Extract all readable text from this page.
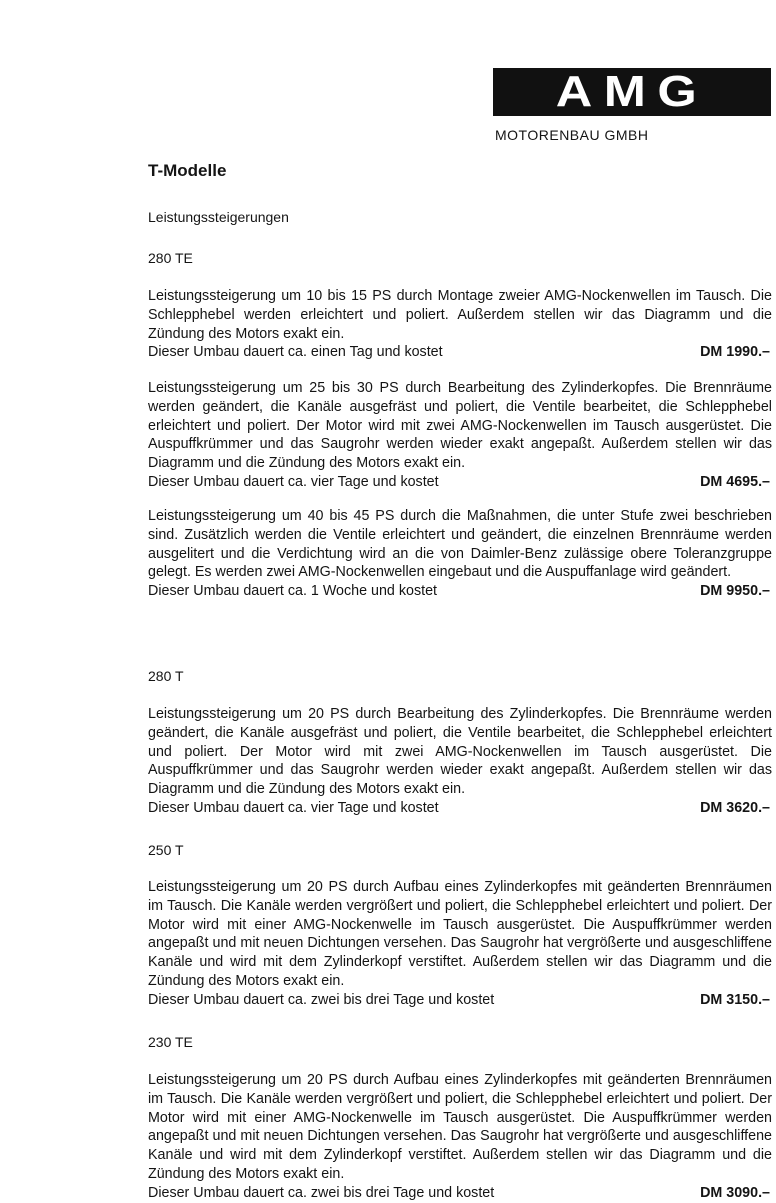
AMG
MOTORENBAU GMBH
T-Modelle
Leistungssteigerungen
280 TE

Leistungssteigerung um 10 bis 15 PS durch Montage zweier AMG-Nockenwellen im Tausch. Die Schlepphebel werden erleichtert und poliert. Außerdem stellen wir das Diagramm und die Zündung des Motors exakt ein.

Dieser Umbau dauert ca. einen Tag und kostet	DM 1990.–

Leistungssteigerung um 25 bis 30 PS durch Bearbeitung des Zylinderkopfes. Die Brennräume werden geändert, die Kanäle ausgefräst und poliert, die Ventile bearbeitet, die Schlepphebel erleichtert und poliert. Der Motor wird mit zwei AMG-Nockenwellen im Tausch ausgerüstet. Die Auspuffkrümmer und das Saugrohr werden wieder exakt angepaßt. Außerdem stellen wir das Diagramm und die Zündung des Motors exakt ein.

Dieser Umbau dauert ca. vier Tage und kostet	DM 4695.–

Leistungssteigerung um 40 bis 45 PS durch die Maßnahmen, die unter Stufe zwei beschrieben sind. Zusätzlich werden die Ventile erleichtert und geändert, die einzelnen Brennräume werden ausgelitert und die Verdichtung wird an die von Daimler-Benz zulässige obere Toleranzgruppe gelegt. Es werden zwei AMG-Nockenwellen eingebaut und die Auspuffanlage wird geändert.

Dieser Umbau dauert ca. 1 Woche und kostet	DM 9950.–
280 T

Leistungssteigerung um 20 PS durch Bearbeitung des Zylinderkopfes. Die Brennräume werden geändert, die Kanäle ausgefräst und poliert, die Ventile bearbeitet, die Schlepphebel erleichtert und poliert. Der Motor wird mit zwei AMG-Nockenwellen im Tausch ausgerüstet. Die Auspuffkrümmer und das Saugrohr werden wieder exakt angepaßt. Außerdem stellen wir das Diagramm und die Zündung des Motors exakt ein.

Dieser Umbau dauert ca. vier Tage und kostet	DM 3620.–
250 T

Leistungssteigerung um 20 PS durch Aufbau eines Zylinderkopfes mit geänderten Brennräumen im Tausch. Die Kanäle werden vergrößert und poliert, die Schlepphebel erleichtert und poliert. Der Motor wird mit einer AMG-Nockenwelle im Tausch ausgerüstet. Die Auspuffkrümmer werden angepaßt und mit neuen Dichtungen versehen. Das Saugrohr hat vergrößerte und ausgeschliffene Kanäle und wird mit dem Zylinderkopf verstiftet. Außerdem stellen wir das Diagramm und die Zündung des Motors exakt ein.

Dieser Umbau dauert ca. zwei bis drei Tage und kostet	DM 3150.–
230 TE

Leistungssteigerung um 20 PS durch Aufbau eines Zylinderkopfes mit geänderten Brennräumen im Tausch. Die Kanäle werden vergrößert und poliert, die Schlepphebel erleichtert und poliert. Der Motor wird mit einer AMG-Nockenwelle im Tausch ausgerüstet. Die Auspuffkrümmer werden angepaßt und mit neuen Dichtungen versehen. Das Saugrohr hat vergrößerte und ausgeschliffene Kanäle und wird mit dem Zylinderkopf verstiftet. Außerdem stellen wir das Diagramm und die Zündung des Motors exakt ein.

Dieser Umbau dauert ca. zwei bis drei Tage und kostet	DM 3090.–
